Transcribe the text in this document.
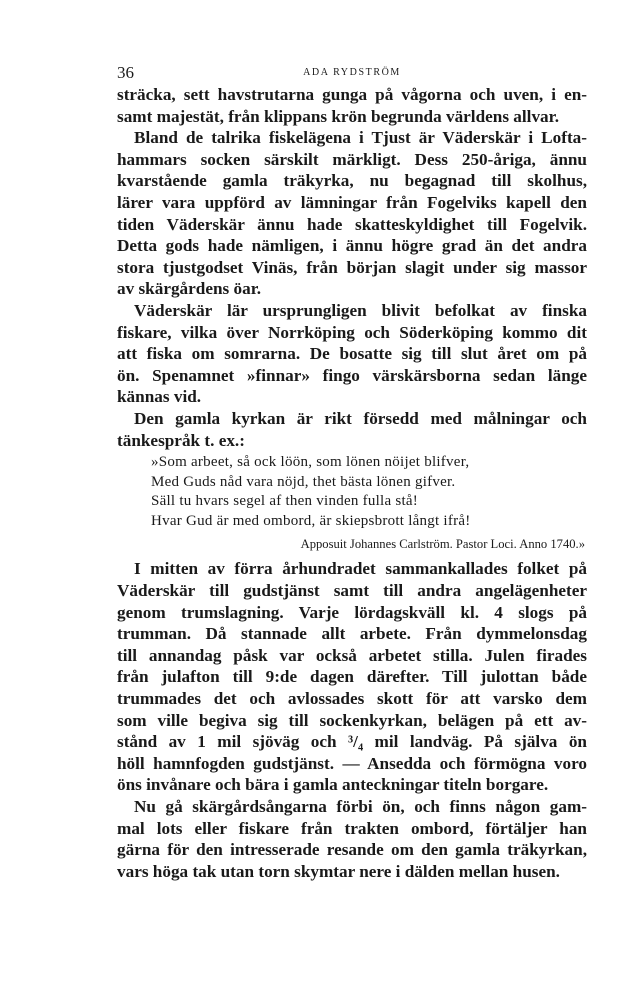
36	ADA RYDSTRÖM
sträcka, sett havstrutarna gunga på vågorna och uven, i en-
samt majestät, från klippans krön begrunda världens allvar.
Bland de talrika fiskelägena i Tjust är Väderskär i Lofta-
hammars socken särskilt märkligt. Dess 250-åriga, ännu
kvarstående gamla träkyrka, nu begagnad till skolhus,
lärer vara uppförd av lämningar från Fogelviks kapell den
tiden Väderskär ännu hade skatteskyldighet till Fogelvik.
Detta gods hade nämligen, i ännu högre grad än det andra
stora tjustgodset Vinäs, från början slagit under sig massor
av skärgårdens öar.
Väderskär lär ursprungligen blivit befolkat av finska
fiskare, vilka över Norrköping och Söderköping kommo dit
att fiska om somrarna. De bosatte sig till slut året om på
ön. Spenamnet »finnar» fingo värskärsborna sedan länge
kännas vid.
Den gamla kyrkan är rikt försedd med målningar och
tänkespråk t. ex.:
»Som arbeet, så ock löön, som lönen nöijet blifver,
Med Guds nåd vara nöjd, thet bästa lönen gifver.
Säll tu hvars segel af then vinden fulla stå!
Hvar Gud är med ombord, är skiepsbrott långt ifrå!
Apposuit Johannes Carlström. Pastor Loci. Anno 1740.»
I mitten av förra århundradet sammankallades folket på
Väderskär till gudstjänst samt till andra angelägenheter
genom trumslagning. Varje lördagskväll kl. 4 slogs på
trumman. Då stannade allt arbete. Från dymmelonsdag
till annandag påsk var också arbetet stilla. Julen firades
från julafton till 9:de dagen därefter. Till julottan både
trummades det och avlossades skott för att varsko dem
som ville begiva sig till sockenkyrkan, belägen på ett av-
stånd av 1 mil sjöväg och ³/₄ mil landväg. På själva ön
höll hamnfogden gudstjänst. — Ansedda och förmögna voro
öns invånare och bära i gamla anteckningar titeln borgare.
Nu gå skärgårdsångarna förbi ön, och finns någon gam-
mal lots eller fiskare från trakten ombord, förtäljer han
gärna för den intresserade resande om den gamla träkyrkan,
vars höga tak utan torn skymtar nere i dälden mellan husen.
